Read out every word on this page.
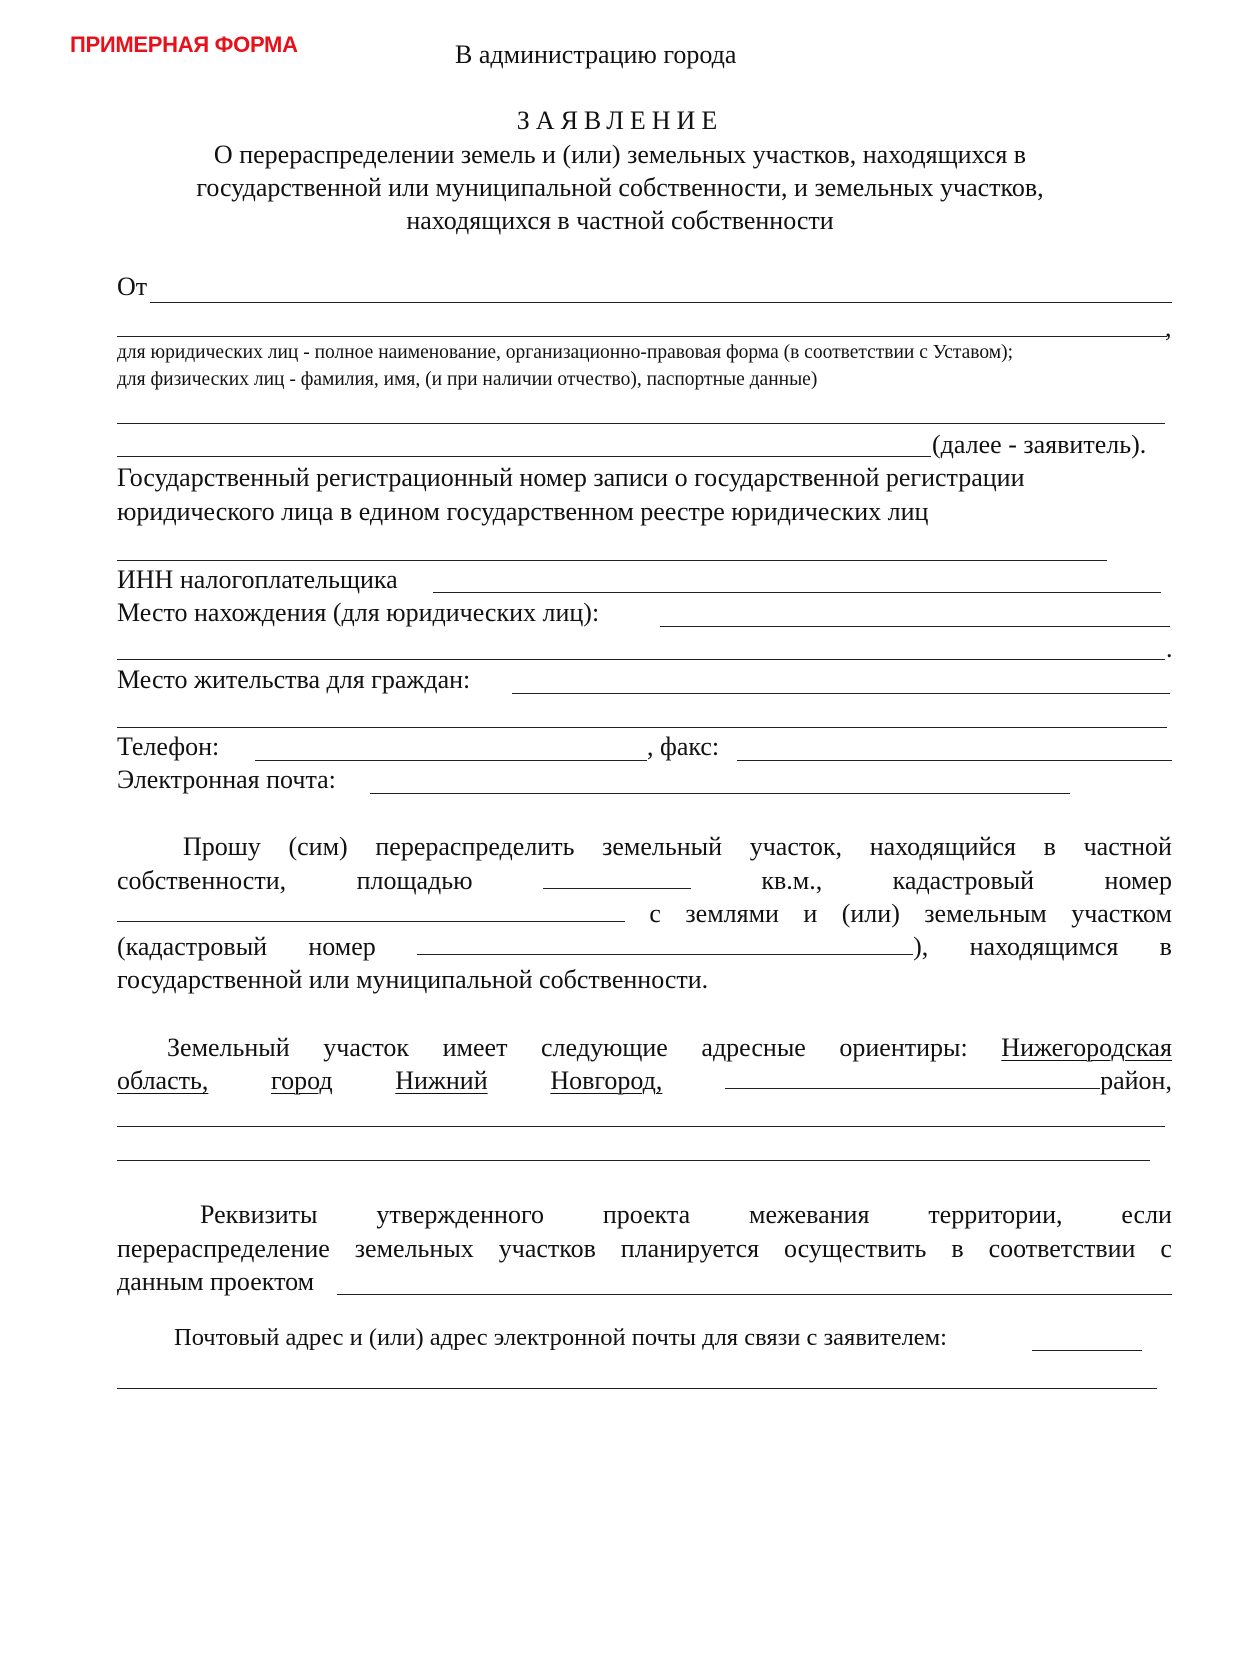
ПРИМЕРНАЯ ФОРМА	В администрацию города
ЗАЯВЛЕНИЕ
О перераспределении земель и (или) земельных участков, находящихся в
государственной или муниципальной собственности, и земельных участков,
находящихся в частной собственности
От
,
для юридических лиц - полное наименование, организационно-правовая форма (в соответствии с Уставом);
для физических лиц - фамилия, имя, (и при наличии отчество), паспортные данные)
(далее - заявитель).
Государственный регистрационный номер записи о государственной регистрации
юридического лица в едином государственном реестре юридических лиц
ИНН налогоплательщика
Место нахождения (для юридических лиц):
.
Место жительства для граждан:
Телефон:	, факс:
Электронная почта:
Прошу (сим) перераспределить земельный участок, находящийся в частной
собственности,	площадью	кв.м.,	кадастровый	номер
с землями и (или) земельным участком
(кадастровый номер	), находящимся в
государственной или муниципальной собственности.
Земельный участок имеет следующие адресные ориентиры: Нижегородская
область, город Нижний Новгород,	район,
Реквизиты утвержденного проекта межевания территории, если
перераспределение земельных участков планируется осуществить в соответствии с
данным проектом
Почтовый адрес и (или) адрес электронной почты для связи с заявителем:
